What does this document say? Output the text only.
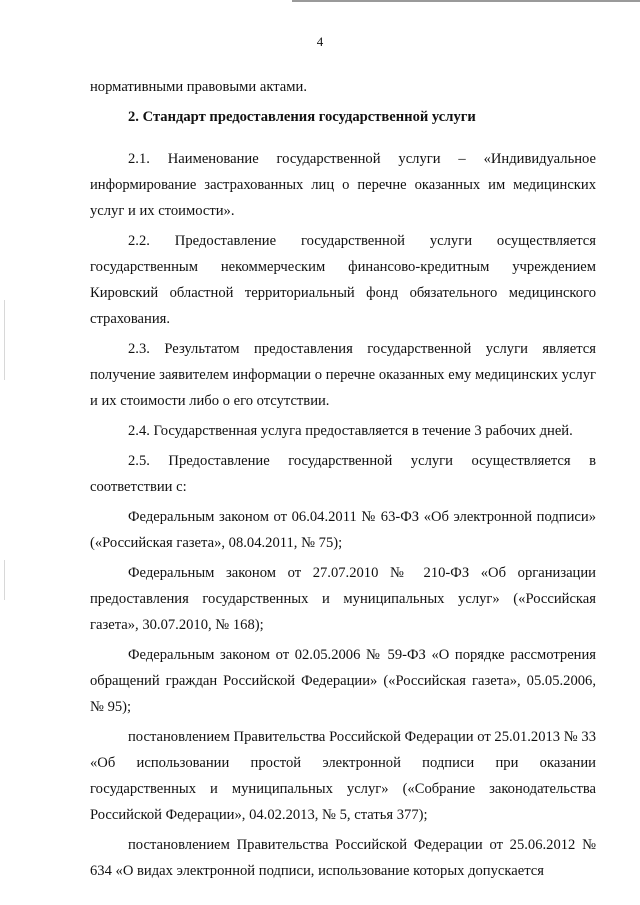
4

нормативными правовыми актами.

2. Стандарт предоставления государственной услуги

2.1. Наименование государственной услуги – «Индивидуальное информирование застрахованных лиц о перечне оказанных им медицинских услуг и их стоимости».

2.2. Предоставление государственной услуги осуществляется государственным некоммерческим финансово-кредитным учреждением Кировский областной территориальный фонд обязательного медицинского страхования.

2.3. Результатом предоставления государственной услуги является получение заявителем информации о перечне оказанных ему медицинских услуг и их стоимости либо о его отсутствии.

2.4. Государственная услуга предоставляется в течение 3 рабочих дней.

2.5. Предоставление государственной услуги осуществляется в соответствии с:

Федеральным законом от 06.04.2011 № 63-ФЗ «Об электронной подписи» («Российская газета», 08.04.2011, № 75);

Федеральным законом от 27.07.2010 № 210-ФЗ «Об организации предоставления государственных и муниципальных услуг» («Российская газета», 30.07.2010, № 168);

Федеральным законом от 02.05.2006 № 59-ФЗ «О порядке рассмотрения обращений граждан Российской Федерации» («Российская газета», 05.05.2006, № 95);

постановлением Правительства Российской Федерации от 25.01.2013 № 33 «Об использовании простой электронной подписи при оказании государственных и муниципальных услуг» («Собрание законодательства Российской Федерации», 04.02.2013, № 5, статья 377);

постановлением Правительства Российской Федерации от 25.06.2012 № 634 «О видах электронной подписи, использование которых допускается
